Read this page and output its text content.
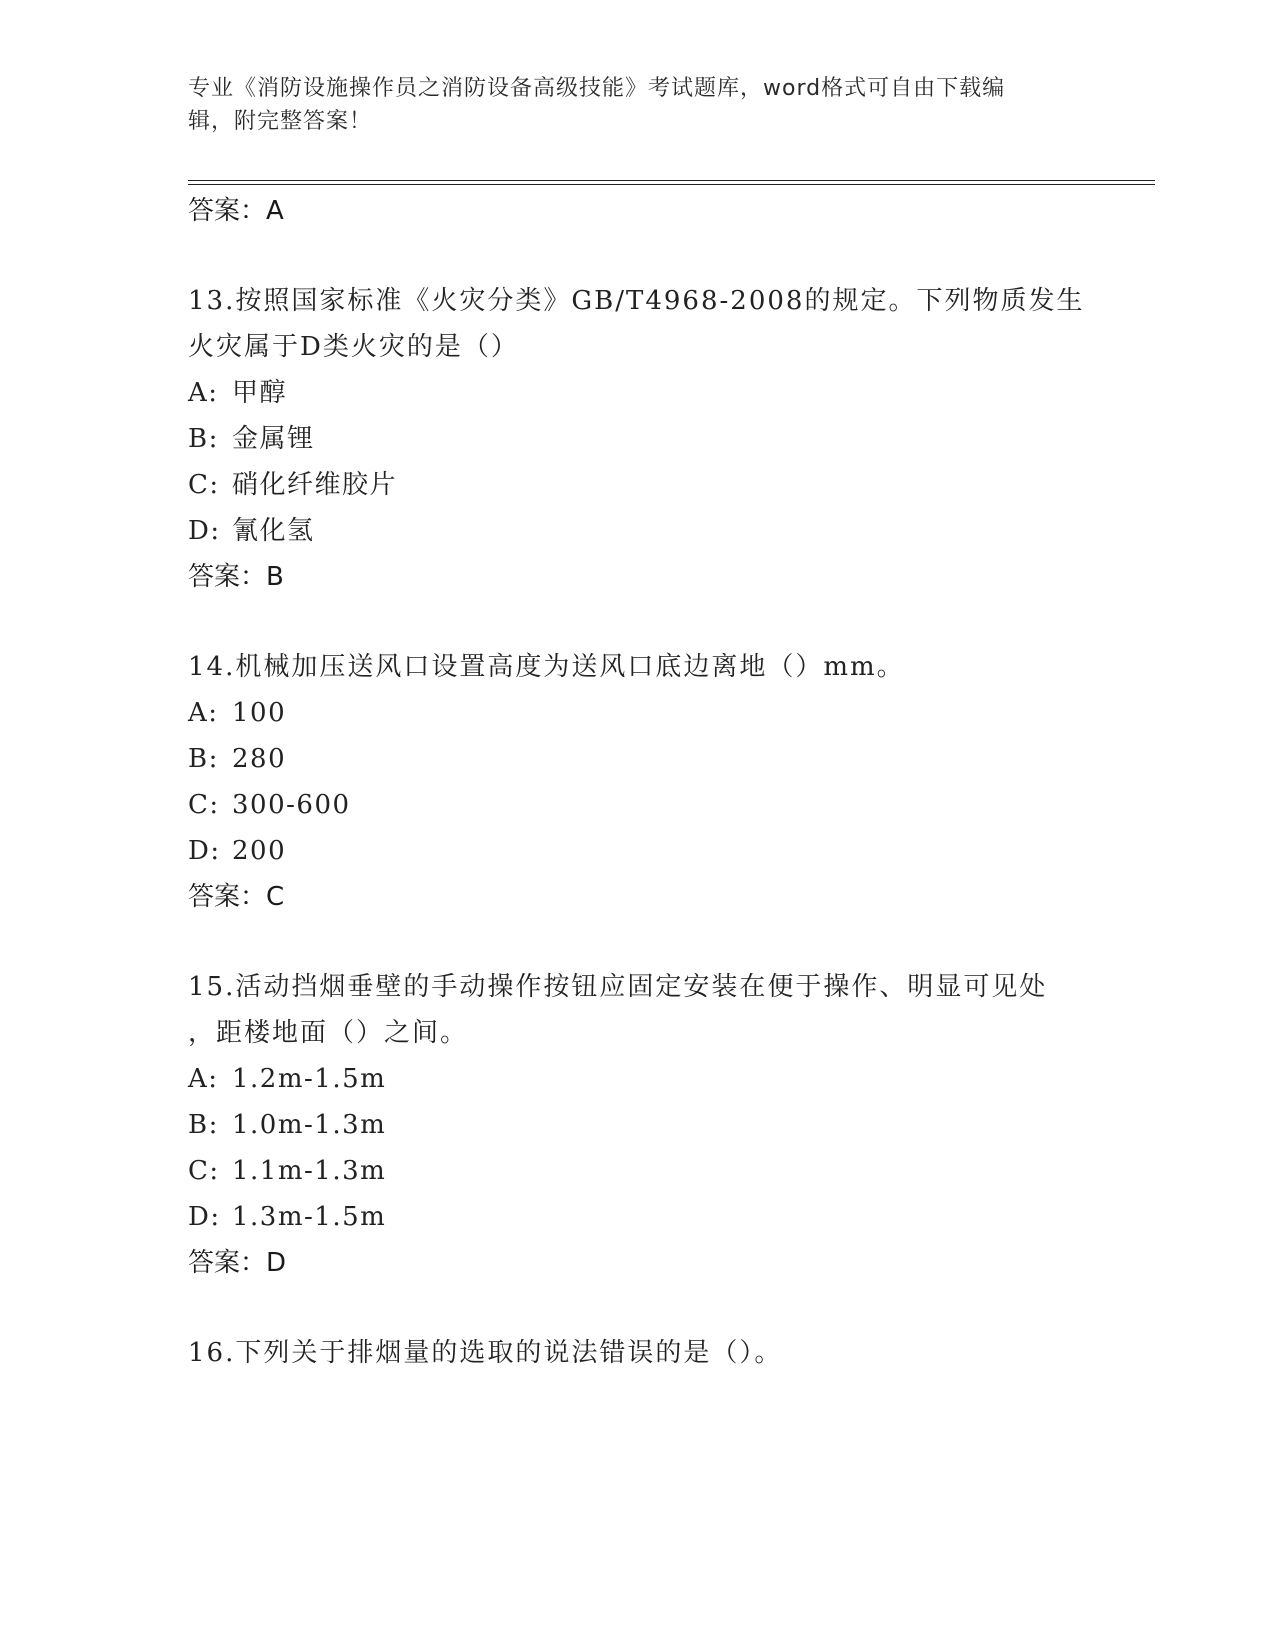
专业《消防设施操作员之消防设备高级技能》考试题库，word格式可自由下载编
辑，附完整答案！
答案：A
13.按照国家标准《火灾分类》GB/T4968-2008的规定。下列物质发生
火灾属于D类火灾的是（）
A: 甲醇
B: 金属锂
C: 硝化纤维胶片
D: 氰化氢
答案：B
14.机械加压送风口设置高度为送风口底边离地（）mm。
A: 100
B: 280
C: 300-600
D: 200
答案：C
15.活动挡烟垂壁的手动操作按钮应固定安装在便于操作、明显可见处
，距楼地面（）之间。
A: 1.2m-1.5m
B: 1.0m-1.3m
C: 1.1m-1.3m
D: 1.3m-1.5m
答案：D
16.下列关于排烟量的选取的说法错误的是（）。
